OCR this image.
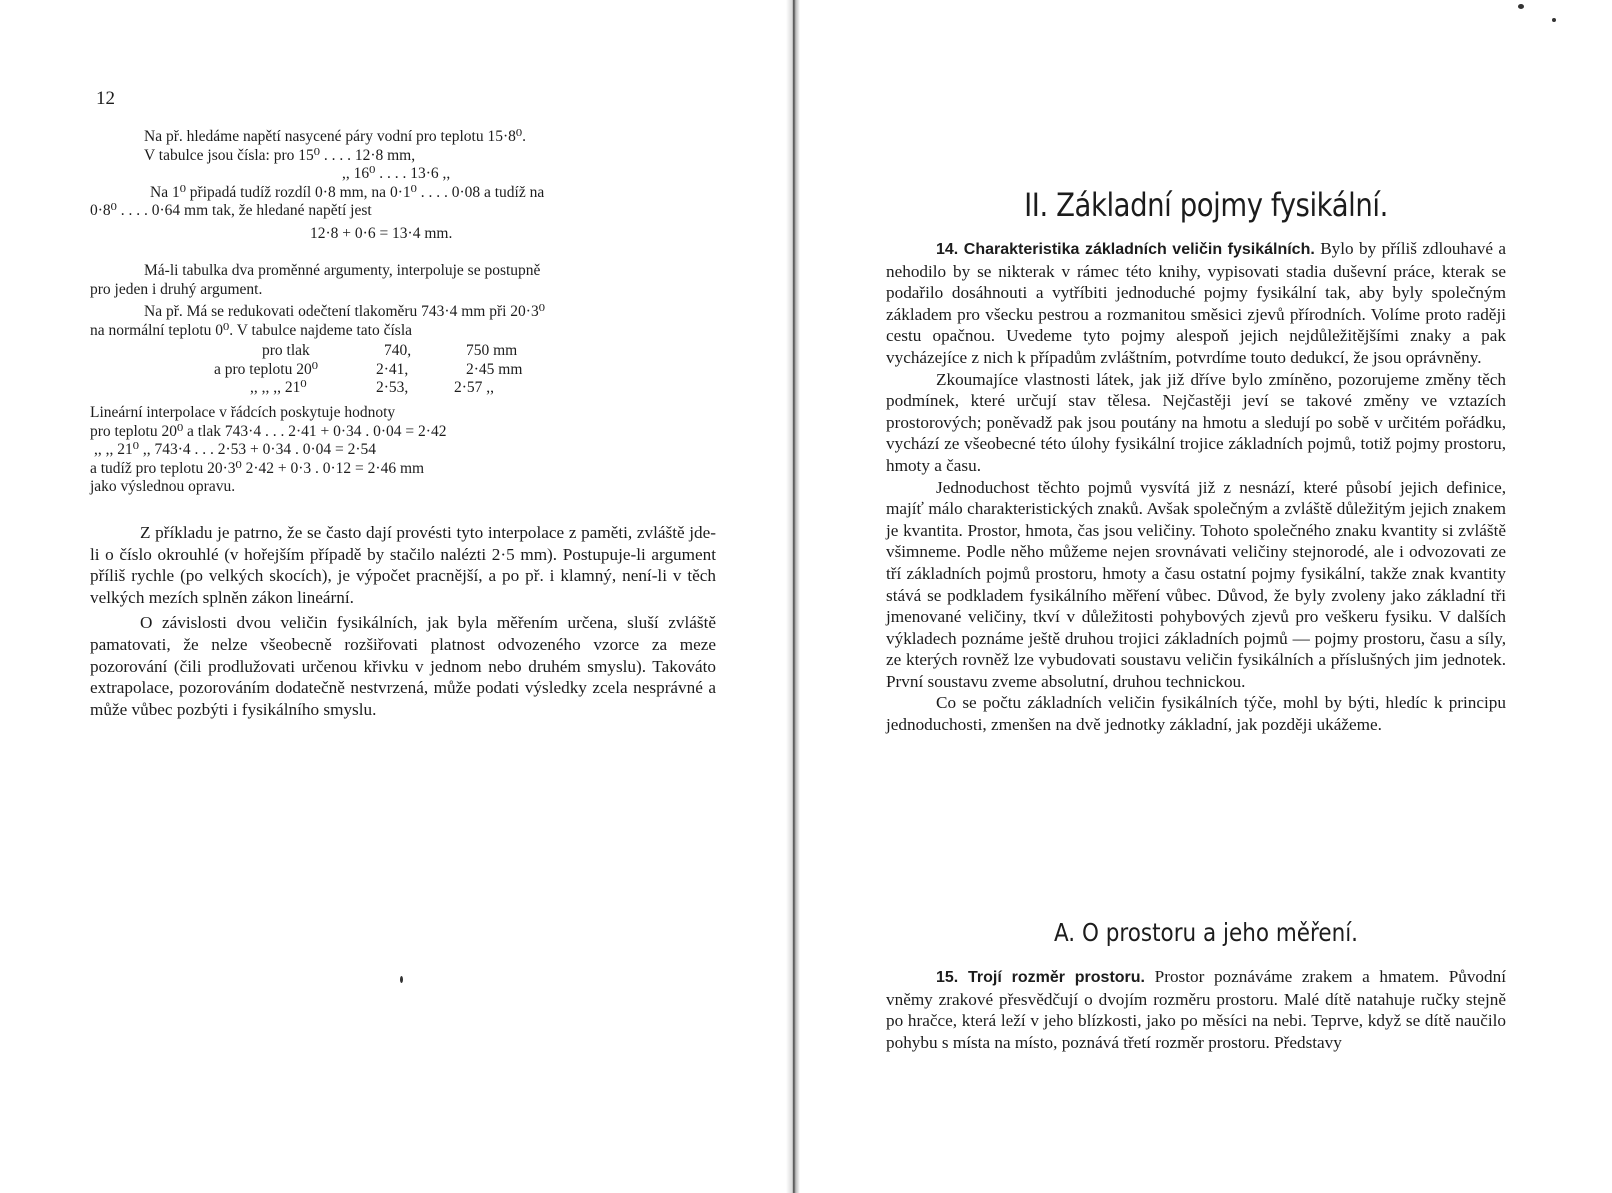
12
Na př. hledáme napětí nasycené páry vodní pro teplotu 15·8⁰.
V tabulce jsou čísla: pro 15⁰ . . . . 12·8 mm,
,, 16⁰ . . . . 13·6 ,,
Na 1⁰ připadá tudíž rozdíl 0·8 mm, na 0·1⁰ . . . . 0·08 a tudíž na
0·8⁰ . . . . 0·64 mm tak, že hledané napětí jest
12·8 + 0·6 = 13·4 mm.
Má-li tabulka dva proměnné argumenty, interpoluje se postupně
pro jeden i druhý argument.
Na př. Má se redukovati odečtení tlakoměru 743·4 mm při 20·3⁰
na normální teplotu 0⁰. V tabulce najdeme tato čísla
pro tlak	740,	750 mm
a pro teplotu 20⁰	2·41,	2·45 mm
,, ,, ,, 21⁰	2·53,	2·57 ,,
Lineární interpolace v řádcích poskytuje hodnoty
pro teplotu 20⁰ a tlak 743·4 . . . 2·41 + 0·34 . 0·04 = 2·42
,, ,, 21⁰ ,, 743·4 . . . 2·53 + 0·34 . 0·04 = 2·54
a tudíž pro teplotu 20·3⁰ 2·42 + 0·3 . 0·12 = 2·46 mm
jako výslednou opravu.

Z příkladu je patrno, že se často dají provésti tyto interpolace z paměti, zvláště jde-li o číslo okrouhlé (v hořejším případě by stačilo nalézti 2·5 mm). Postupuje-li argument příliš rychle (po velkých skocích), je výpočet pracnější, a po př. i klamný, není-li v těch velkých mezích splněn zákon lineární.

O závislosti dvou veličin fysikálních, jak byla měřením určena, sluší zvláště pamatovati, že nelze všeobecně rozšiřovati platnost odvozeného vzorce za meze pozorování (čili prodlužovati určenou křivku v jednom nebo druhém smyslu). Takováto extrapolace, pozorováním dodatečně nestvrzená, může podati výsledky zcela nesprávné a může vůbec pozbýti i fysikálního smyslu.

II. Základní pojmy fysikální.

14. Charakteristika základních veličin fysikálních. Bylo by příliš zdlouhavé a nehodilo by se nikterak v rámec této knihy, vypisovati stadia duševní práce, kterak se podařilo dosáhnouti a vytříbiti jednoduché pojmy fysikální tak, aby byly společným základem pro všecku pestrou a rozmanitou směsici zjevů přírodních. Volíme proto raději cestu opačnou. Uvedeme tyto pojmy alespoň jejich nejdůležitějšími znaky a pak vycházejíce z nich k případům zvláštním, potvrdíme touto dedukcí, že jsou oprávněny.

Zkoumajíce vlastnosti látek, jak již dříve bylo zmíněno, pozorujeme změny těch podmínek, které určují stav tělesa. Nejčastěji jeví se takové změny ve vztazích prostorových; poněvadž pak jsou poutány na hmotu a sledují po sobě v určitém pořádku, vychází ze všeobecné této úlohy fysikální trojice základních pojmů, totiž pojmy prostoru, hmoty a času.

Jednoduchost těchto pojmů vysvítá již z nesnází, které působí jejich definice, majíť málo charakteristických znaků. Avšak společným a zvláště důležitým jejich znakem je kvantita. Prostor, hmota, čas jsou veličiny. Tohoto společného znaku kvantity si zvláště všimneme. Podle něho můžeme nejen srovnávati veličiny stejnorodé, ale i odvozovati ze tří základních pojmů prostoru, hmoty a času ostatní pojmy fysikální, takže znak kvantity stává se podkladem fysikálního měření vůbec. Důvod, že byly zvoleny jako základní tři jmenované veličiny, tkví v důležitosti pohybových zjevů pro veškeru fysiku. V dalších výkladech poznáme ještě druhou trojici základních pojmů — pojmy prostoru, času a síly, ze kterých rovněž lze vybudovati soustavu veličin fysikálních a příslušných jim jednotek. První soustavu zveme absolutní, druhou technickou.

Co se počtu základních veličin fysikálních týče, mohl by býti, hledíc k principu jednoduchosti, zmenšen na dvě jednotky základní, jak později ukážeme.

A. O prostoru a jeho měření.

15. Trojí rozměr prostoru. Prostor poznáváme zrakem a hmatem. Původní vněmy zrakové přesvědčují o dvojím rozměru prostoru. Malé dítě natahuje ručky stejně po hračce, která leží v jeho blízkosti, jako po měsíci na nebi. Teprve, když se dítě naučilo pohybu s místa na místo, poznává třetí rozměr prostoru. Představy
